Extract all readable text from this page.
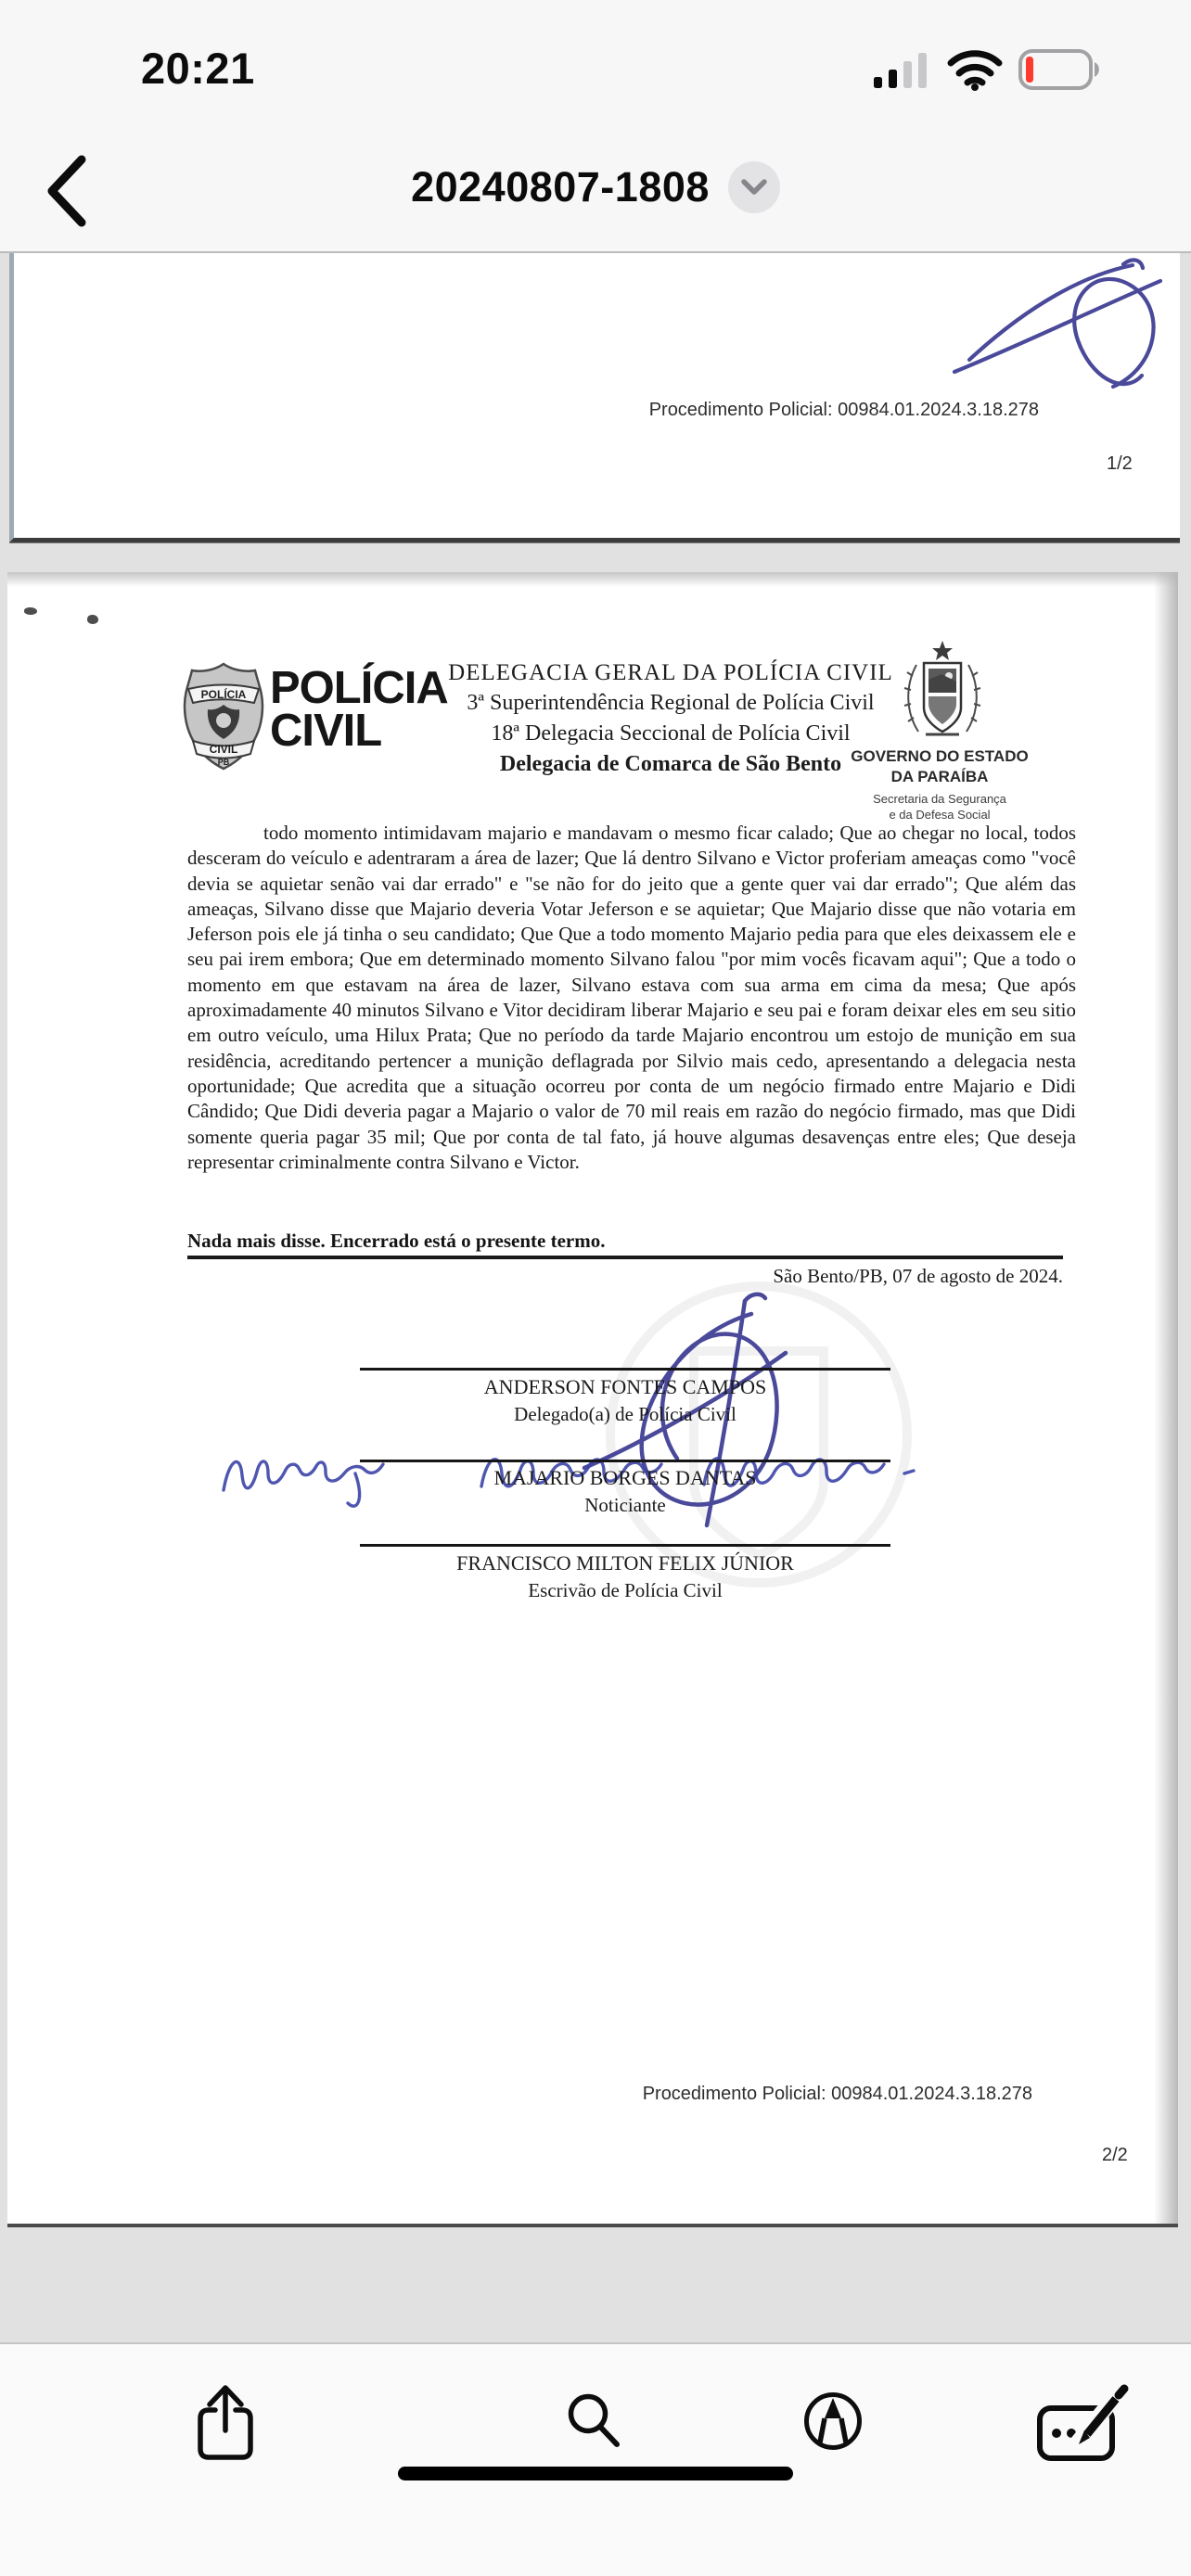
20:21
20240807-1808
Procedimento Policial: 00984.01.2024.3.18.278
1/2
POLÍCIA
CIVIL
PB
POLÍCIA
CIVIL
DELEGACIA GERAL DA POLÍCIA CIVIL
3ª Superintendência Regional de Polícia Civil
18ª Delegacia Seccional de Polícia Civil
Delegacia de Comarca de São Bento GOVERNO DO ESTADO
DA PARAÍBA
Secretaria da Segurança
e da Defesa Social
todo momento intimidavam majario e mandavam o mesmo ficar calado; Que ao chegar no local, todos desceram do veículo e adentraram a área de lazer; Que lá dentro Silvano e Victor proferiam ameaças como "você devia se aquietar senão vai dar errado" e "se não for do jeito que a gente quer vai dar errado"; Que além das ameaças, Silvano disse que Majario deveria Votar Jeferson e se aquietar; Que Majario disse que não votaria em Jeferson pois ele já tinha o seu candidato; Que Que a todo momento Majario pedia para que eles deixassem ele e seu pai irem embora; Que em determinado momento Silvano falou "por mim vocês ficavam aqui"; Que a todo o momento em que estavam na área de lazer, Silvano estava com sua arma em cima da mesa; Que após aproximadamente 40 minutos Silvano e Vitor decidiram liberar Majario e seu pai e foram deixar eles em seu sitio em outro veículo, uma Hilux Prata; Que no período da tarde Majario encontrou um estojo de munição em sua residência, acreditando pertencer a munição deflagrada por Silvio mais cedo, apresentando a delegacia nesta oportunidade; Que acredita que a situação ocorreu por conta de um negócio firmado entre Majario e Didi Cândido; Que Didi deveria pagar a Majario o valor de 70 mil reais em razão do negócio firmado, mas que Didi somente queria pagar 35 mil; Que por conta de tal fato, já houve algumas desavenças entre eles; Que deseja representar criminalmente contra Silvano e Victor.
Nada mais disse. Encerrado está o presente termo.
São Bento/PB, 07 de agosto de 2024.
ANDERSON FONTES CAMPOS
Delegado(a) de Polícia Civil
MAJARIO BORGES DANTAS
Noticiante
FRANCISCO MILTON FELIX JÚNIOR
Escrivão de Polícia Civil
Procedimento Policial: 00984.01.2024.3.18.278
2/2
